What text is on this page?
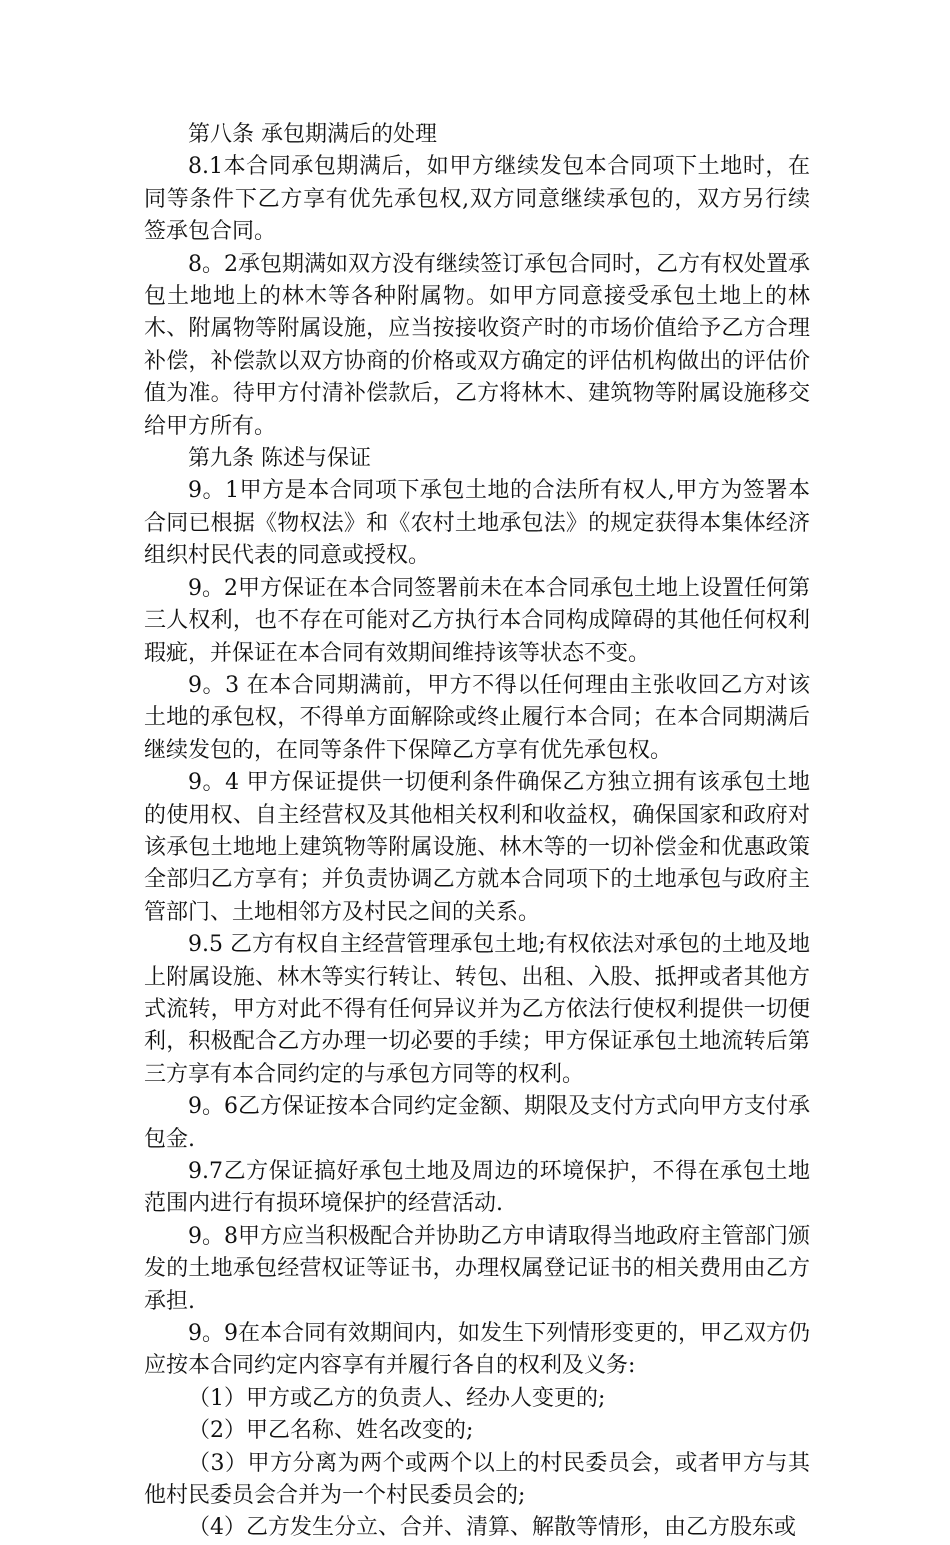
第八条 承包期满后的处理

8.1本合同承包期满后，如甲方继续发包本合同项下土地时，在同等条件下乙方享有优先承包权,双方同意继续承包的，双方另行续签承包合同。

8。2承包期满如双方没有继续签订承包合同时，乙方有权处置承包土地地上的林木等各种附属物。如甲方同意接受承包土地上的林木、附属物等附属设施，应当按接收资产时的市场价值给予乙方合理补偿，补偿款以双方协商的价格或双方确定的评估机构做出的评估价值为准。待甲方付清补偿款后，乙方将林木、建筑物等附属设施移交给甲方所有。

第九条 陈述与保证

9。1甲方是本合同项下承包土地的合法所有权人,甲方为签署本合同已根据《物权法》和《农村土地承包法》的规定获得本集体经济组织村民代表的同意或授权。

9。2甲方保证在本合同签署前未在本合同承包土地上设置任何第三人权利，也不存在可能对乙方执行本合同构成障碍的其他任何权利瑕疵，并保证在本合同有效期间维持该等状态不变。

9。3 在本合同期满前，甲方不得以任何理由主张收回乙方对该土地的承包权，不得单方面解除或终止履行本合同；在本合同期满后继续发包的，在同等条件下保障乙方享有优先承包权。

9。4 甲方保证提供一切便利条件确保乙方独立拥有该承包土地的使用权、自主经营权及其他相关权利和收益权，确保国家和政府对该承包土地地上建筑物等附属设施、林木等的一切补偿金和优惠政策全部归乙方享有；并负责协调乙方就本合同项下的土地承包与政府主管部门、土地相邻方及村民之间的关系。

9.5 乙方有权自主经营管理承包土地;有权依法对承包的土地及地上附属设施、林木等实行转让、转包、出租、入股、抵押或者其他方式流转，甲方对此不得有任何异议并为乙方依法行使权利提供一切便利，积极配合乙方办理一切必要的手续；甲方保证承包土地流转后第三方享有本合同约定的与承包方同等的权利。

9。6乙方保证按本合同约定金额、期限及支付方式向甲方支付承包金.

9.7乙方保证搞好承包土地及周边的环境保护，不得在承包土地范围内进行有损环境保护的经营活动.

9。8甲方应当积极配合并协助乙方申请取得当地政府主管部门颁发的土地承包经营权证等证书，办理权属登记证书的相关费用由乙方承担.

9。9在本合同有效期间内，如发生下列情形变更的，甲乙双方仍应按本合同约定内容享有并履行各自的权利及义务:

（1）甲方或乙方的负责人、经办人变更的;

（2）甲乙名称、姓名改变的;

（3）甲方分离为两个或两个以上的村民委员会，或者甲方与其他村民委员会合并为一个村民委员会的;

（4）乙方发生分立、合并、清算、解散等情形，由乙方股东或
